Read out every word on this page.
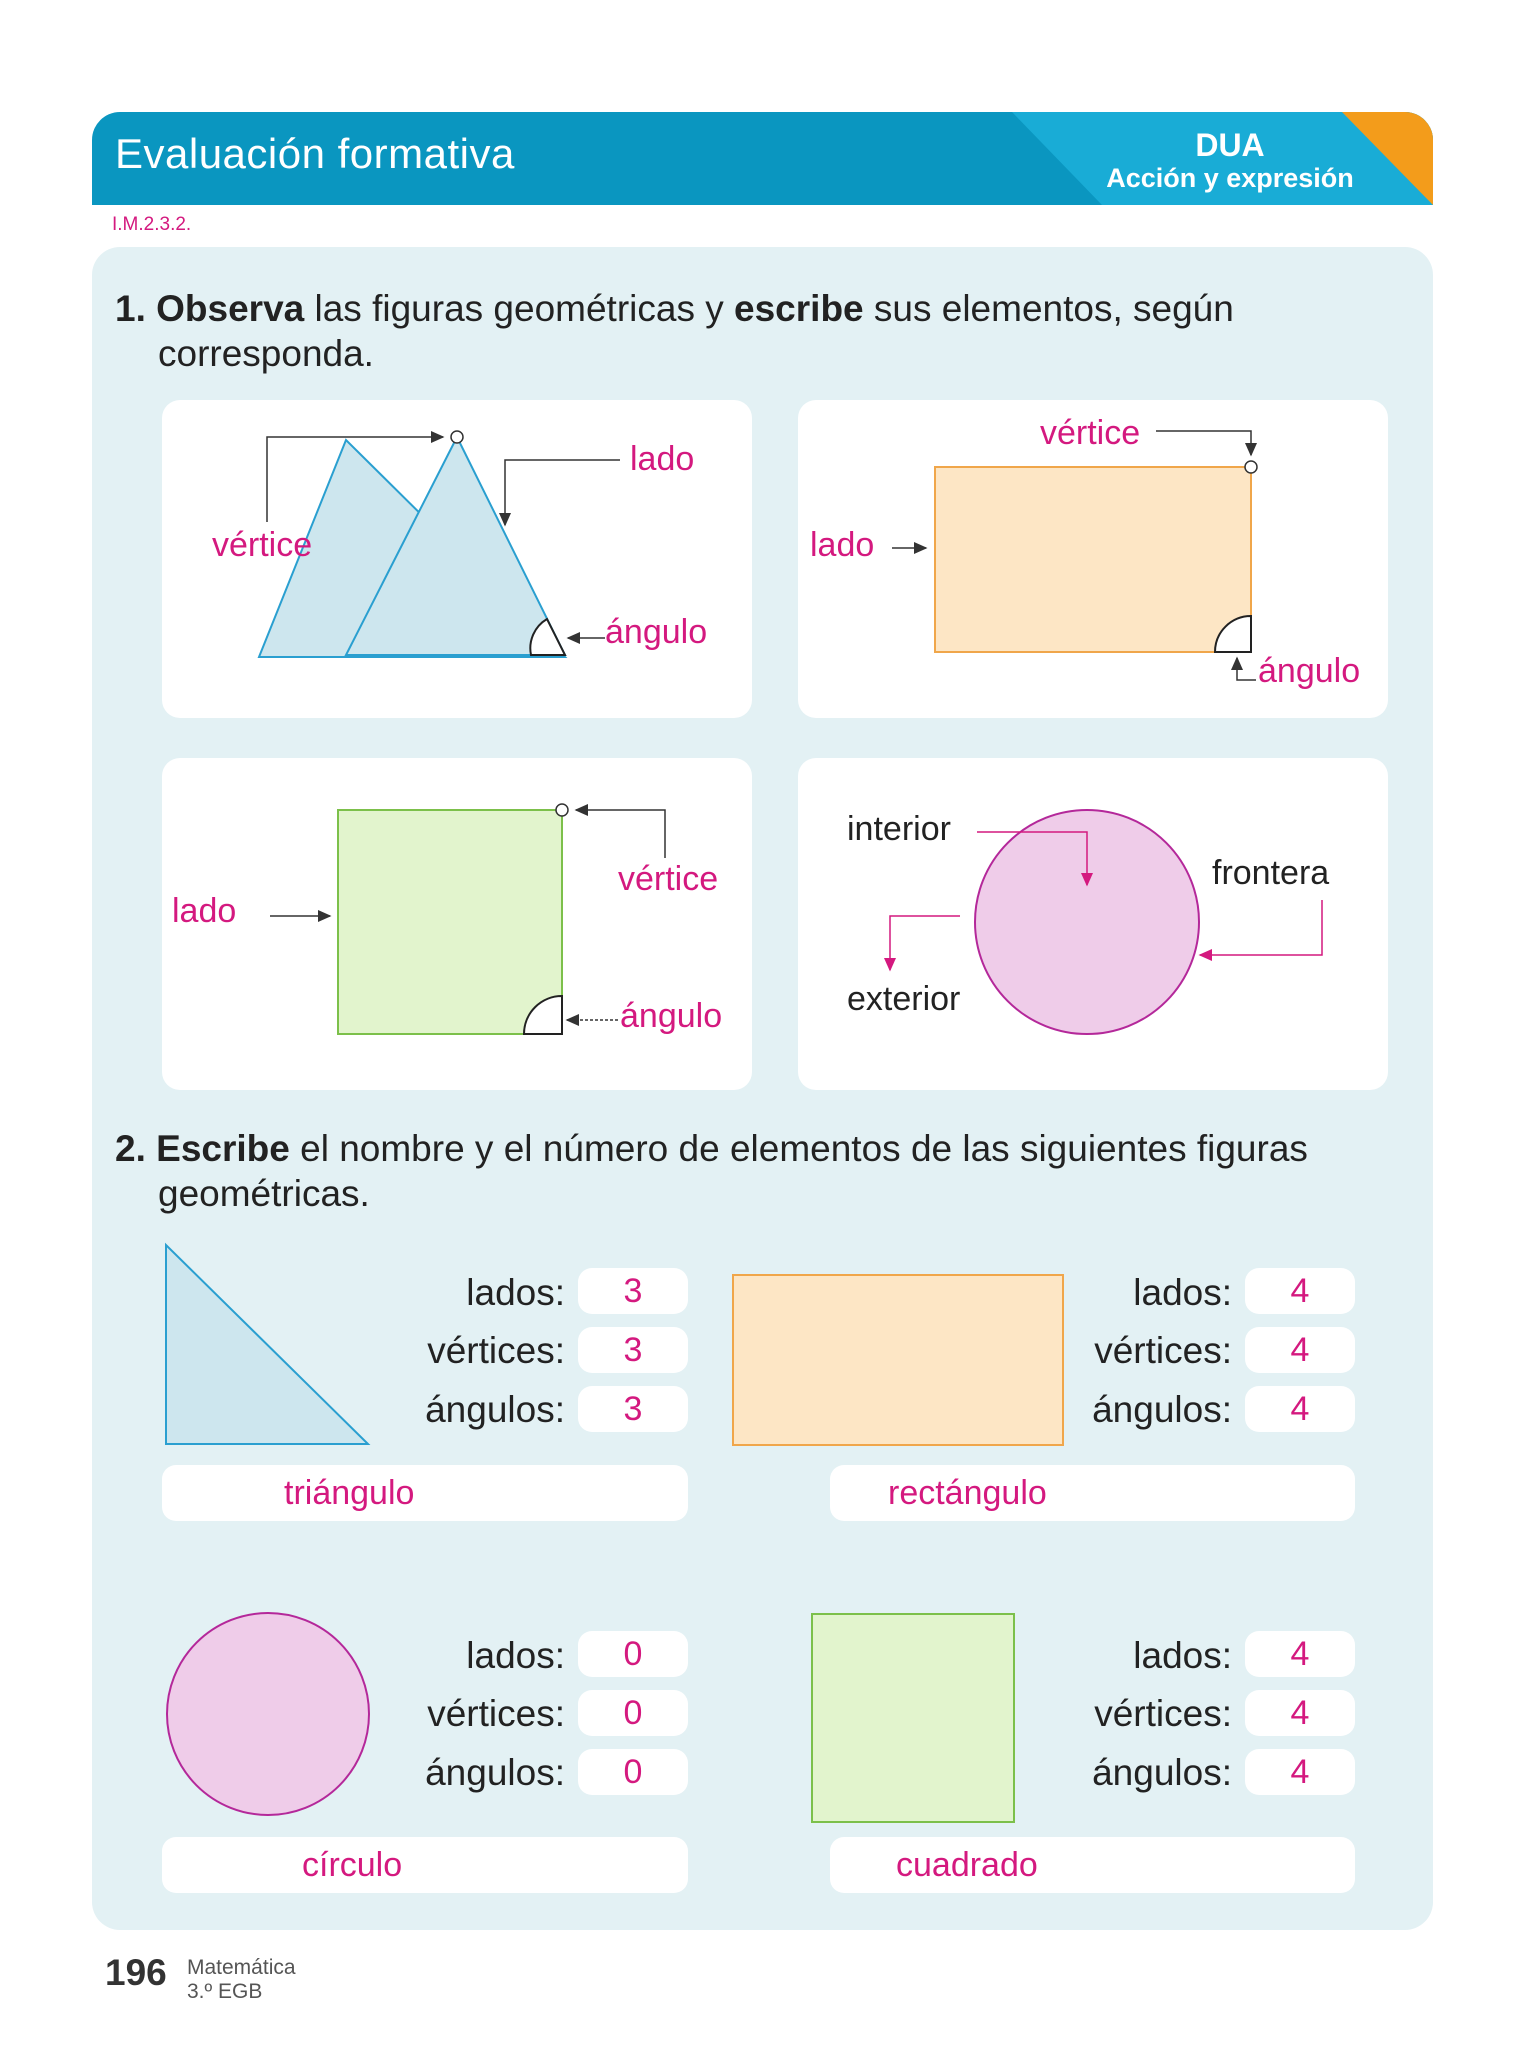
Evaluación formativa	DUA
Acción y expresión
I.M.2.3.2.
1. Observa las figuras geométricas y escribe sus elementos, según
corresponda.
vértice
lado
ángulo
vértice
lado
ángulo
lado
vértice
ángulo
interior
frontera
exterior
2. Escribe el nombre y el número de elementos de las siguientes figuras
geométricas.
lados:
vértices:
ángulos:
3
3
3
triángulo
lados:
vértices:
ángulos:
4
4
4
rectángulo
lados:
vértices:
ángulos:
0
0
0
círculo
lados:
vértices:
ángulos:
4
4
4
cuadrado
196 Matemática
3.º EGB
